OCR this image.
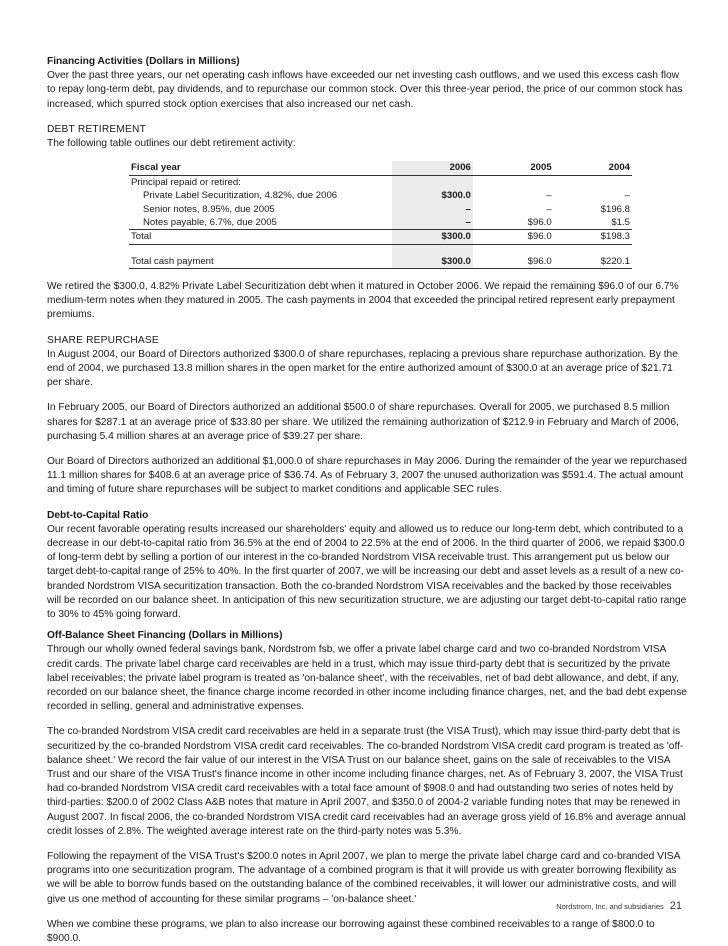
Financing Activities (Dollars in Millions)

Over the past three years, our net operating cash inflows have exceeded our net investing cash outflows, and we used this excess cash flow to repay long-term debt, pay dividends, and to repurchase our common stock. Over this three-year period, the price of our common stock has increased, which spurred stock option exercises that also increased our net cash.

DEBT RETIREMENT

The following table outlines our debt retirement activity:

Fiscal year	2006	2005	2004
Principal repaid or retired:			
Private Label Securitization, 4.82%, due 2006	$300.0	–	–
Senior notes, 8.95%, due 2005	–	–	$196.8
Notes payable, 6.7%, due 2005	–	$96.0	$1.5
Total	$300.0	$96.0	$198.3

Total cash payment	$300.0	$96.0	$220.1

We retired the $300.0, 4.82% Private Label Securitization debt when it matured in October 2006. We repaid the remaining $96.0 of our 6.7% medium-term notes when they matured in 2005. The cash payments in 2004 that exceeded the principal retired represent early prepayment premiums.

SHARE REPURCHASE

In August 2004, our Board of Directors authorized $300.0 of share repurchases, replacing a previous share repurchase authorization. By the end of 2004, we purchased 13.8 million shares in the open market for the entire authorized amount of $300.0 at an average price of $21.71 per share.

In February 2005, our Board of Directors authorized an additional $500.0 of share repurchases. Overall for 2005, we purchased 8.5 million shares for $287.1 at an average price of $33.80 per share. We utilized the remaining authorization of $212.9 in February and March of 2006, purchasing 5.4 million shares at an average price of $39.27 per share.

Our Board of Directors authorized an additional $1,000.0 of share repurchases in May 2006. During the remainder of the year we repurchased 11.1 million shares for $408.6 at an average price of $36.74. As of February 3, 2007 the unused authorization was $591.4. The actual amount and timing of future share repurchases will be subject to market conditions and applicable SEC rules.

Debt-to-Capital Ratio

Our recent favorable operating results increased our shareholders' equity and allowed us to reduce our long-term debt, which contributed to a decrease in our debt-to-capital ratio from 36.5% at the end of 2004 to 22.5% at the end of 2006. In the third quarter of 2006, we repaid $300.0 of long-term debt by selling a portion of our interest in the co-branded Nordstrom VISA receivable trust. This arrangement put us below our target debt-to-capital range of 25% to 40%. In the first quarter of 2007, we will be increasing our debt and asset levels as a result of a new co-branded Nordstrom VISA securitization transaction. Both the co-branded Nordstrom VISA receivables and the backed by those receivables will be recorded on our balance sheet. In anticipation of this new securitization structure, we are adjusting our target debt-to-capital ratio range to 30% to 45% going forward.

Off-Balance Sheet Financing (Dollars in Millions)

Through our wholly owned federal savings bank, Nordstrom fsb, we offer a private label charge card and two co-branded Nordstrom VISA credit cards. The private label charge card receivables are held in a trust, which may issue third-party debt that is securitized by the private label receivables; the private label program is treated as 'on-balance sheet', with the receivables, net of bad debt allowance, and debt, if any, recorded on our balance sheet, the finance charge income recorded in other income including finance charges, net, and the bad debt expense recorded in selling, general and administrative expenses.

The co-branded Nordstrom VISA credit card receivables are held in a separate trust (the VISA Trust), which may issue third-party debt that is securitized by the co-branded Nordstrom VISA credit card receivables. The co-branded Nordstrom VISA credit card program is treated as 'off-balance sheet.' We record the fair value of our interest in the VISA Trust on our balance sheet, gains on the sale of receivables to the VISA Trust and our share of the VISA Trust's finance income in other income including finance charges, net. As of February 3, 2007, the VISA Trust had co-branded Nordstrom VISA credit card receivables with a total face amount of $908.0 and had outstanding two series of notes held by third-parties: $200.0 of 2002 Class A&B notes that mature in April 2007, and $350.0 of 2004-2 variable funding notes that may be renewed in August 2007. In fiscal 2006, the co-branded Nordstrom VISA credit card receivables had an average gross yield of 16.8% and average annual credit losses of 2.8%. The weighted average interest rate on the third-party notes was 5.3%.

Following the repayment of the VISA Trust's $200.0 notes in April 2007, we plan to merge the private label charge card and co-branded VISA programs into one securitization program. The advantage of a combined program is that it will provide us with greater borrowing flexibility as we will be able to borrow funds based on the outstanding balance of the combined receivables, it will lower our administrative costs, and will give us one method of accounting for these similar programs – 'on-balance sheet.'

When we combine these programs, we plan to also increase our borrowing against these combined receivables to a range of $800.0 to $900.0.

Nordstrom, Inc. and subsidiaries 21
